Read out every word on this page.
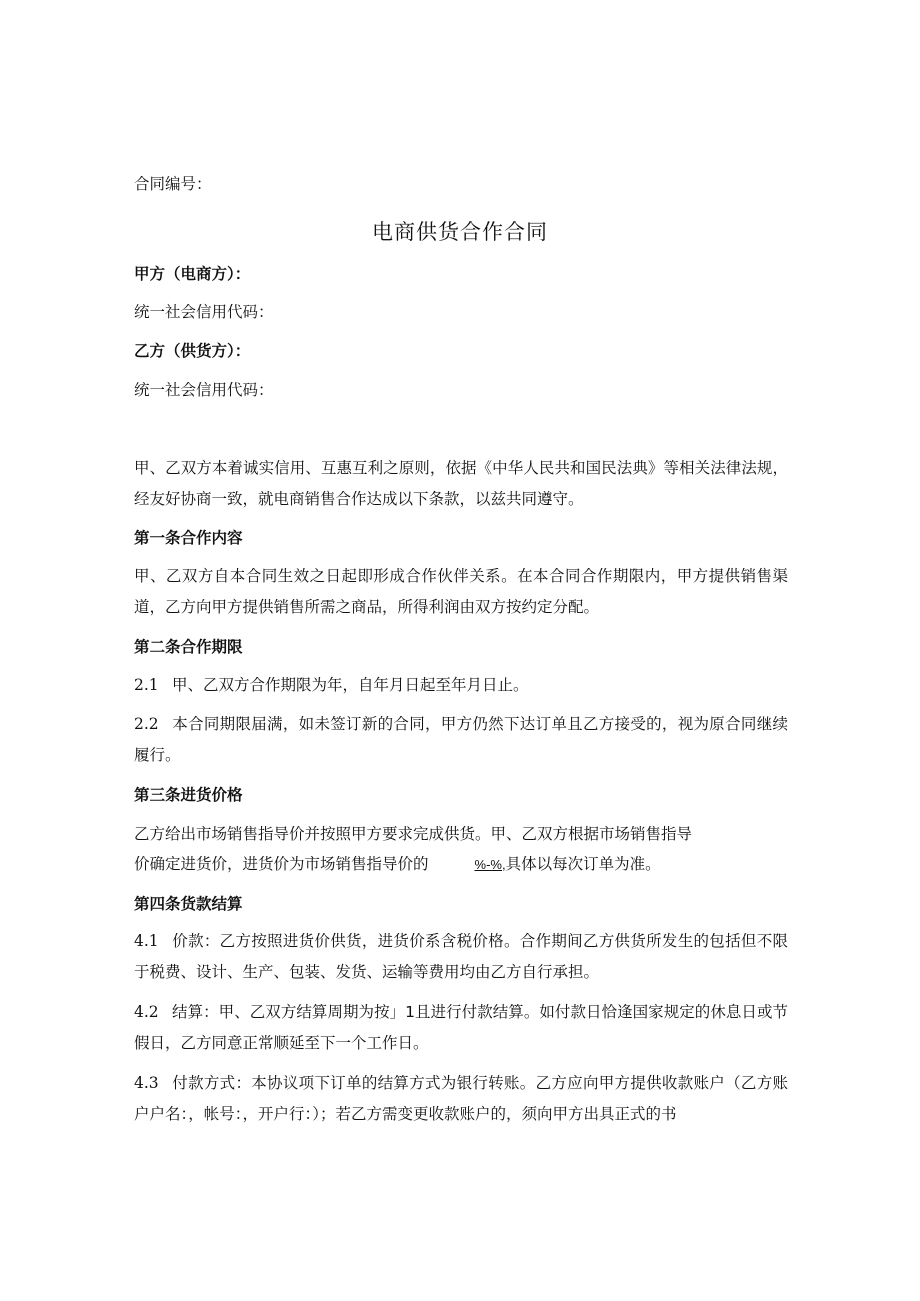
合同编号：
电商供货合作合同
甲方（电商方）：
统一社会信用代码：
乙方（供货方）：
统一社会信用代码：
甲、乙双方本着诚实信用、互惠互利之原则，依据《中华人民共和国民法典》等相关法律法规，经友好协商一致，就电商销售合作达成以下条款，以兹共同遵守。
第一条合作内容
甲、乙双方自本合同生效之日起即形成合作伙伴关系。在本合同合作期限内，甲方提供销售渠道，乙方向甲方提供销售所需之商品，所得利润由双方按约定分配。
第二条合作期限
2.1 甲、乙双方合作期限为年，自年月日起至年月日止。
2.2 本合同期限届满，如未签订新的合同，甲方仍然下达订单且乙方接受的，视为原合同继续履行。
第三条进货价格
乙方给出市场销售指导价并按照甲方要求完成供货。甲、乙双方根据市场销售指导
价确定进货价，进货价为市场销售指导价的	%-%,具体以每次订单为准。
第四条货款结算
4.1 价款：乙方按照进货价供货，进货价系含税价格。合作期间乙方供货所发生的包括但不限于税费、设计、生产、包装、发货、运输等费用均由乙方自行承担。
4.2 结算：甲、乙双方结算周期为按」1且进行付款结算。如付款日恰逢国家规定的休息日或节假日，乙方同意正常顺延至下一个工作日。
4.3 付款方式：本协议项下订单的结算方式为银行转账。乙方应向甲方提供收款账户（乙方账户户名：，帐号：，开户行：）；若乙方需变更收款账户的，须向甲方出具正式的书
